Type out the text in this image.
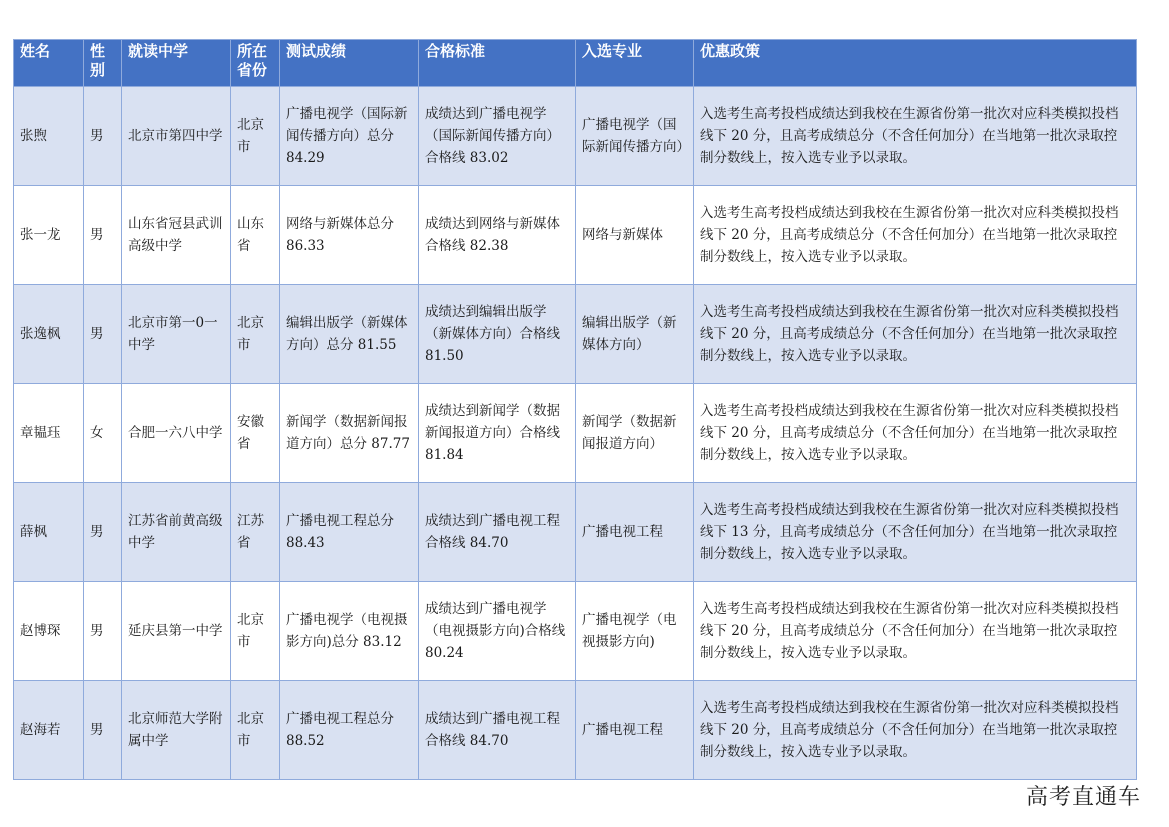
姓名	性别	就读中学	所在省份	测试成绩	合格标准	入选专业	优惠政策
张煦	男	北京市第四中学	北京市	广播电视学（国际新闻传播方向）总分 84.29	成绩达到广播电视学（国际新闻传播方向）合格线 83.02	广播电视学（国际新闻传播方向）	入选考生高考投档成绩达到我校在生源省份第一批次对应科类模拟投档线下 20 分，且高考成绩总分（不含任何加分）在当地第一批次录取控制分数线上，按入选专业予以录取。
张一龙	男	山东省冠县武训高级中学	山东省	网络与新媒体总分 86.33	成绩达到网络与新媒体合格线 82.38	网络与新媒体	入选考生高考投档成绩达到我校在生源省份第一批次对应科类模拟投档线下 20 分，且高考成绩总分（不含任何加分）在当地第一批次录取控制分数线上，按入选专业予以录取。
张逸枫	男	北京市第一0一中学	北京市	编辑出版学（新媒体方向）总分 81.55	成绩达到编辑出版学（新媒体方向）合格线 81.50	编辑出版学（新媒体方向）	入选考生高考投档成绩达到我校在生源省份第一批次对应科类模拟投档线下 20 分，且高考成绩总分（不含任何加分）在当地第一批次录取控制分数线上，按入选专业予以录取。
章韫珏	女	合肥一六八中学	安徽省	新闻学（数据新闻报道方向）总分 87.77	成绩达到新闻学（数据新闻报道方向）合格线 81.84	新闻学（数据新闻报道方向）	入选考生高考投档成绩达到我校在生源省份第一批次对应科类模拟投档线下 20 分，且高考成绩总分（不含任何加分）在当地第一批次录取控制分数线上，按入选专业予以录取。
薛枫	男	江苏省前黄高级中学	江苏省	广播电视工程总分 88.43	成绩达到广播电视工程合格线 84.70	广播电视工程	入选考生高考投档成绩达到我校在生源省份第一批次对应科类模拟投档线下 13 分，且高考成绩总分（不含任何加分）在当地第一批次录取控制分数线上，按入选专业予以录取。
赵博琛	男	延庆县第一中学	北京市	广播电视学（电视摄影方向)总分 83.12	成绩达到广播电视学（电视摄影方向)合格线 80.24	广播电视学（电视摄影方向)	入选考生高考投档成绩达到我校在生源省份第一批次对应科类模拟投档线下 20 分，且高考成绩总分（不含任何加分）在当地第一批次录取控制分数线上，按入选专业予以录取。
赵海若	男	北京师范大学附属中学	北京市	广播电视工程总分 88.52	成绩达到广播电视工程合格线 84.70	广播电视工程	入选考生高考投档成绩达到我校在生源省份第一批次对应科类模拟投档线下 20 分，且高考成绩总分（不含任何加分）在当地第一批次录取控制分数线上，按入选专业予以录取。
高考直通车
